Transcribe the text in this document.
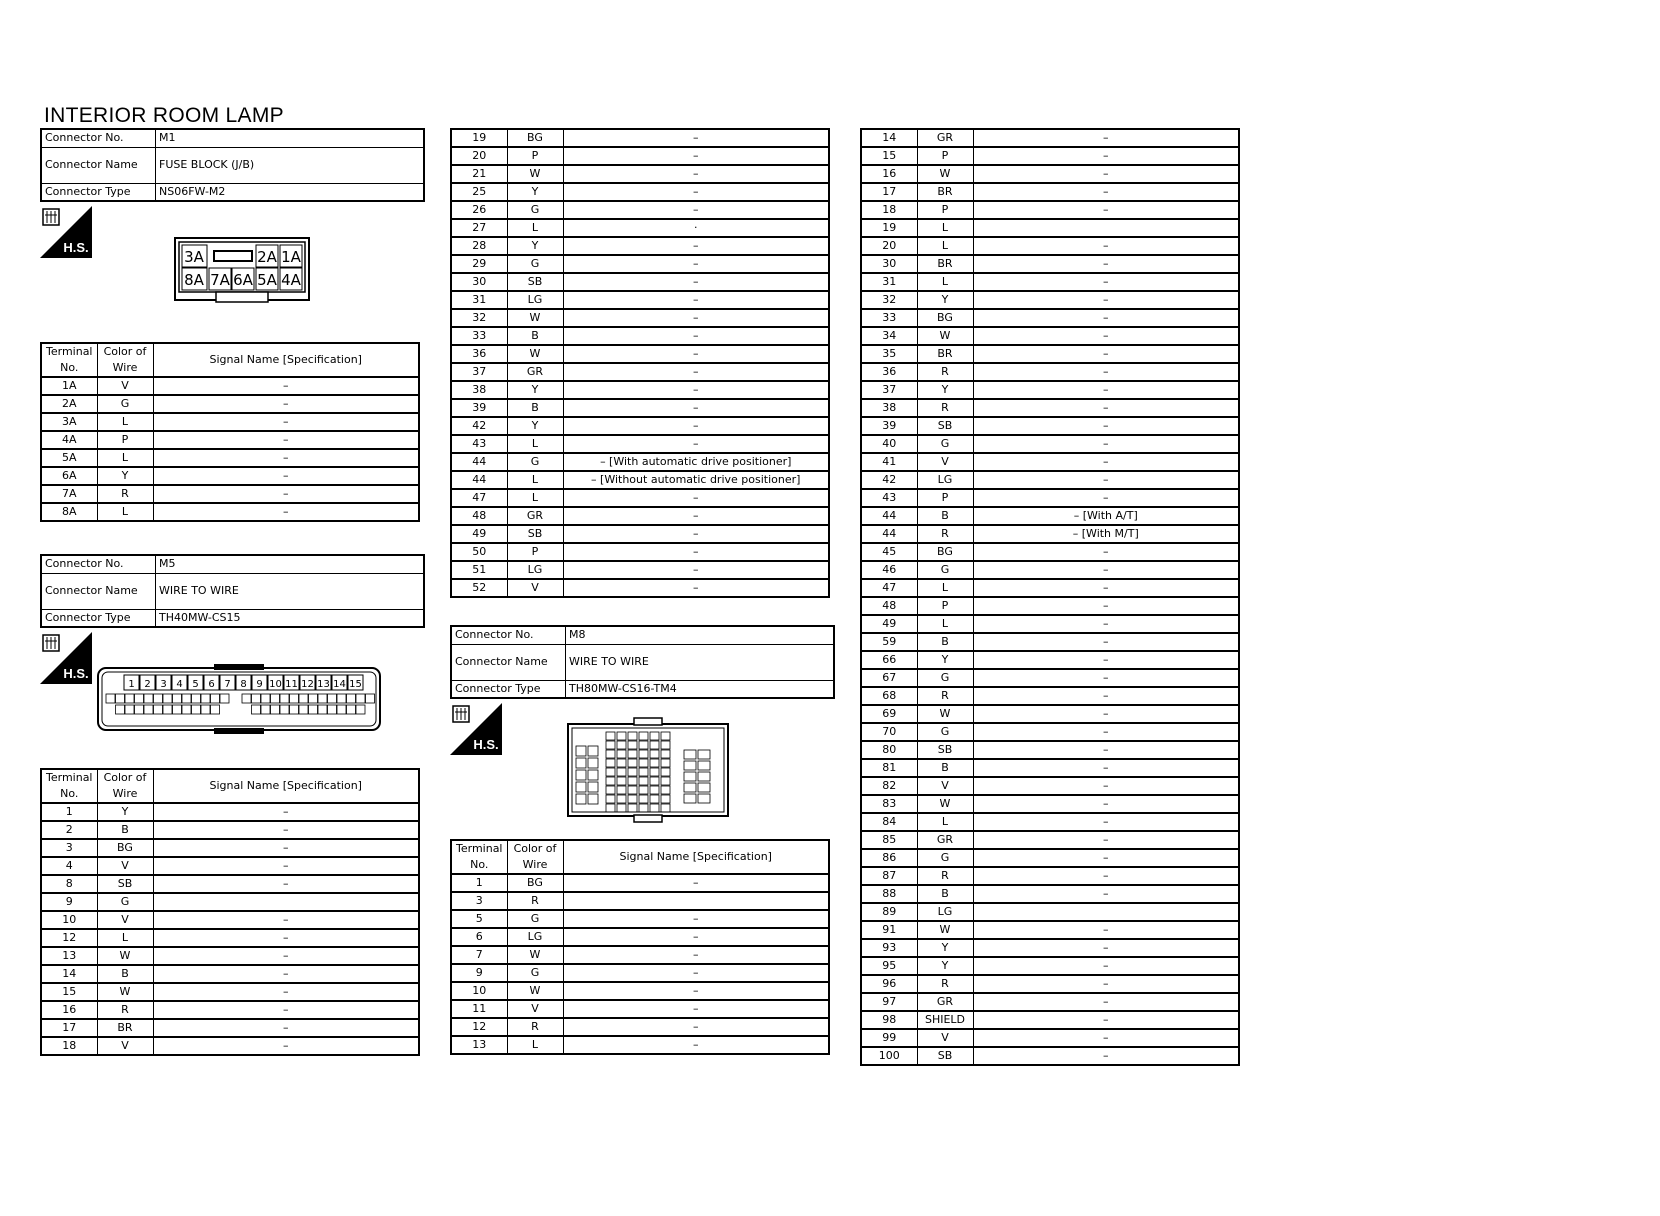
INTERIOR ROOM LAMP
Connector No.	M1
Connector Name	FUSE BLOCK (J/B)
Connector Type	NS06FW-M2
H.S.
3A	2A 1A
8A 7A 6A 5A 4A
Terminal No.	Color of Wire	Signal Name [Specification]
1A	V	–
2A	G	–
3A	L	–
4A	P	–
5A	L	–
6A	Y	–
7A	R	–
8A	L	–
Connector No.	M5
Connector Name	WIRE TO WIRE
Connector Type	TH40MW-CS15
H.S.
1 2 3 4 5 6 7 8 9 10 11 12 13 14 15
Terminal No.	Color of Wire	Signal Name [Specification]
1	Y	–
2	B	–
3	BG	–
4	V	–
8	SB	–
9	G	
10	V	–
12	L	–
13	W	–
14	B	–
15	W	–
16	R	–
17	BR	–
18	V	–
19	BG	–
20	P	–
21	W	–
25	Y	–
26	G	–
27	L	·
28	Y	–
29	G	–
30	SB	–
31	LG	–
32	W	–
33	B	–
36	W	–
37	GR	–
38	Y	–
39	B	–
42	Y	–
43	L	–
44	G	– [With automatic drive positioner]
44	L	– [Without automatic drive positioner]
47	L	–
48	GR	–
49	SB	–
50	P	–
51	LG	–
52	V	–
Connector No.	M8
Connector Name	WIRE TO WIRE
Connector Type	TH80MW-CS16-TM4
H.S.
Terminal No.	Color of Wire	Signal Name [Specification]
1	BG	–
3	R	
5	G	–
6	LG	–
7	W	–
9	G	–
10	W	–
11	V	–
12	R	–
13	L	–
14	GR	–
15	P	–
16	W	–
17	BR	–
18	P	–
19	L	
20	L	–
30	BR	–
31	L	–
32	Y	–
33	BG	–
34	W	–
35	BR	–
36	R	–
37	Y	–
38	R	–
39	SB	–
40	G	–
41	V	–
42	LG	–
43	P	–
44	B	– [With A/T]
44	R	– [With M/T]
45	BG	–
46	G	–
47	L	–
48	P	–
49	L	–
59	B	–
66	Y	–
67	G	–
68	R	–
69	W	–
70	G	–
80	SB	–
81	B	–
82	V	–
83	W	–
84	L	–
85	GR	–
86	G	–
87	R	–
88	B	–
89	LG	
91	W	–
93	Y	–
95	Y	–
96	R	–
97	GR	–
98	SHIELD	–
99	V	–
100	SB	–
